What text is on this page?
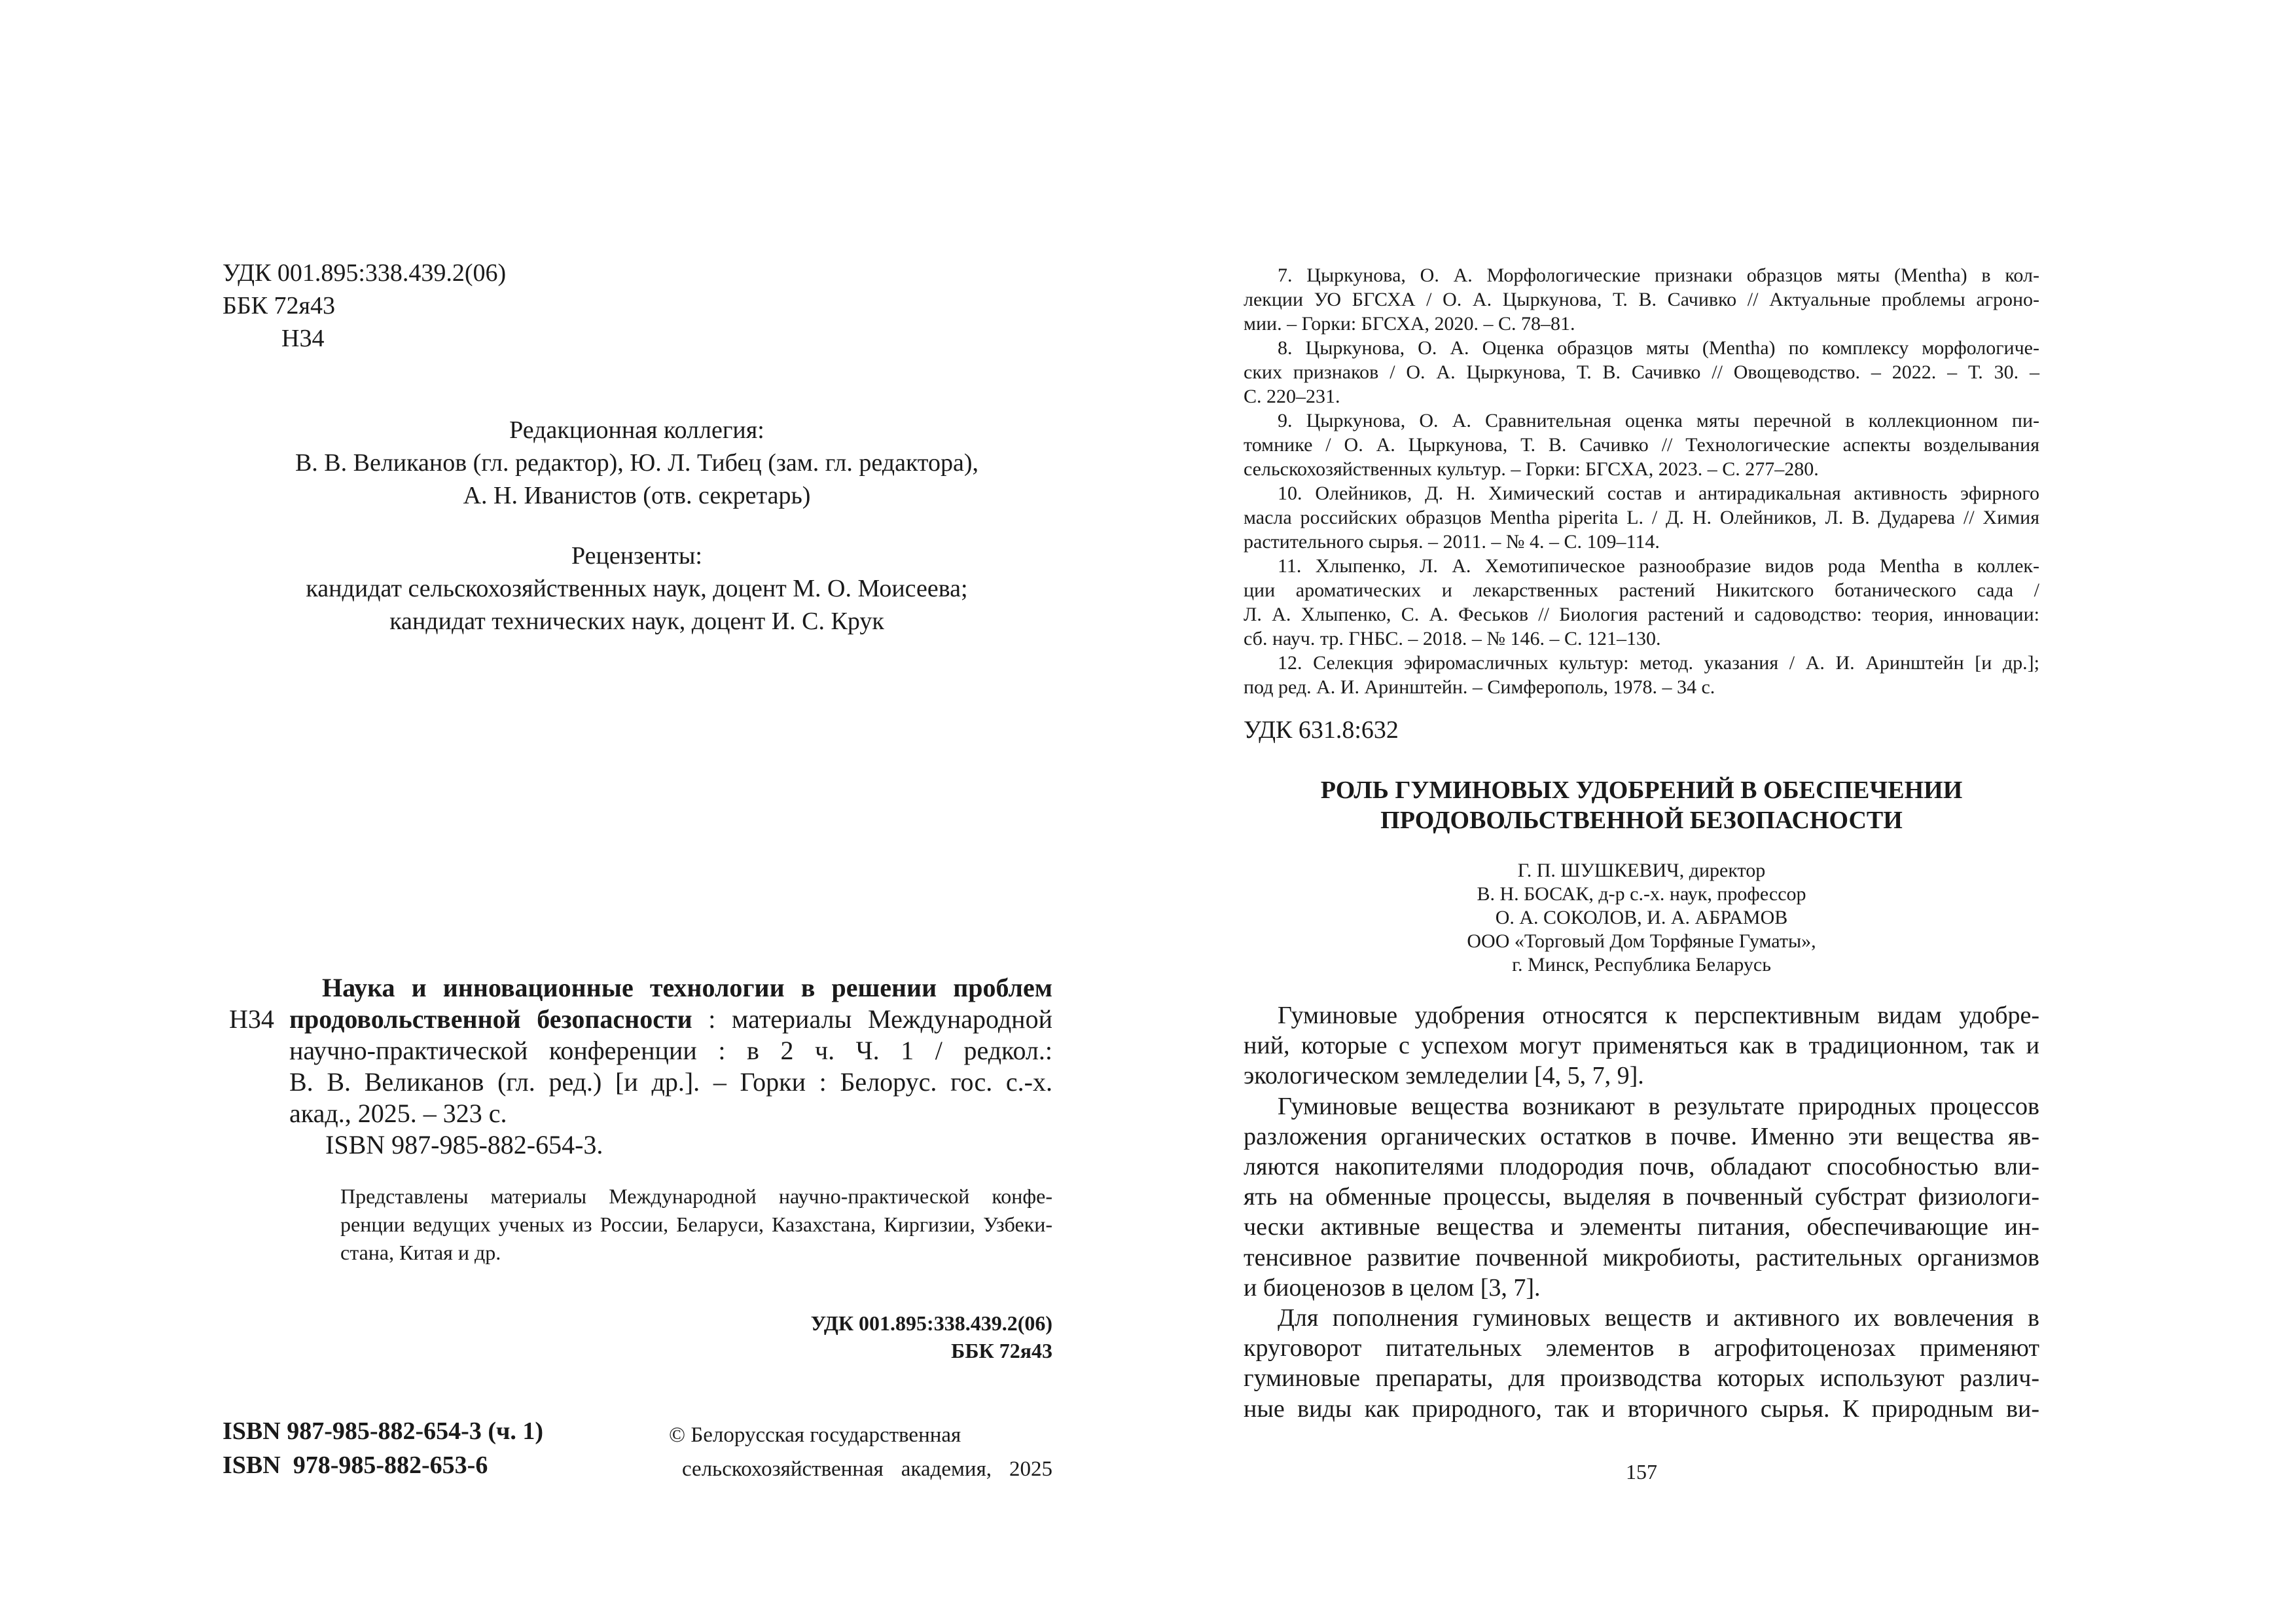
УДК 001.895:338.439.2(06)
ББК 72я43
Н34
Редакционная коллегия:
В. В. Великанов (гл. редактор), Ю. Л. Тибец (зам. гл. редактора),
А. Н. Иванистов (отв. секретарь)
Рецензенты:
кандидат сельскохозяйственных наук, доцент М. О. Моисеева;
кандидат технических наук, доцент И. С. Крук
Н34
Наука и инновационные технологии в решении проблем
продовольственной безопасности : материалы Международной
научно-практической конференции : в 2 ч. Ч. 1 / редкол.:
В. В. Великанов (гл. ред.) [и др.]. – Горки : Белорус. гос. с.-х.
акад., 2025. – 323 с.
ISBN 987-985-882-654-3.
Представлены материалы Международной научно-практической конфе-
ренции ведущих ученых из России, Беларуси, Казахстана, Киргизии, Узбеки-
стана, Китая и др.
УДК 001.895:338.439.2(06)
ББК 72я43
ISBN 987-985-882-654-3 (ч. 1)
ISBN  978-985-882-653-6
© Белорусская государственная
сельскохозяйственная академия, 2025
7. Цыркунова, О. А. Морфологические признаки образцов мяты (Mentha) в кол-
лекции УО БГСХА / О. А. Цыркунова, Т. В. Сачивко // Актуальные проблемы агроно-
мии. – Горки: БГСХА, 2020. – С. 78–81.
8. Цыркунова, О. А. Оценка образцов мяты (Mentha) по комплексу морфологиче-
ских признаков / О. А. Цыркунова, Т. В. Сачивко // Овощеводство. – 2022. – Т. 30. –
С. 220–231.
9. Цыркунова, О. А. Сравнительная оценка мяты перечной в коллекционном пи-
томнике / О. А. Цыркунова, Т. В. Сачивко // Технологические аспекты возделывания
сельскохозяйственных культур. – Горки: БГСХА, 2023. – С. 277–280.
10. Олейников, Д. Н. Химический состав и антирадикальная активность эфирного
масла российских образцов Mentha piperita L. / Д. Н. Олейников, Л. В. Дударева // Химия
растительного сырья. – 2011. – № 4. – С. 109–114.
11. Хлыпенко, Л. А. Хемотипическое разнообразие видов рода Mentha в коллек-
ции ароматических и лекарственных растений Никитского ботанического сада /
Л. А. Хлыпенко, С. А. Феськов // Биология растений и садоводство: теория, инновации:
сб. науч. тр. ГНБС. – 2018. – № 146. – С. 121–130.
12. Селекция эфиромасличных культур: метод. указания / А. И. Аринштейн [и др.];
под ред. А. И. Аринштейн. – Симферополь, 1978. – 34 с.
УДК 631.8:632
РОЛЬ ГУМИНОВЫХ УДОБРЕНИЙ В ОБЕСПЕЧЕНИИ
ПРОДОВОЛЬСТВЕННОЙ БЕЗОПАСНОСТИ
Г. П. ШУШКЕВИЧ, директор
В. Н. БОСАК, д-р с.-х. наук, профессор
О. А. СОКОЛОВ, И. А. АБРАМОВ
ООО «Торговый Дом Торфяные Гуматы»,
г. Минск, Республика Беларусь
Гуминовые удобрения относятся к перспективным видам удобре-
ний, которые с успехом могут применяться как в традиционном, так и
экологическом земледелии [4, 5, 7, 9].
Гуминовые вещества возникают в результате природных процессов
разложения органических остатков в почве. Именно эти вещества яв-
ляются накопителями плодородия почв, обладают способностью вли-
ять на обменные процессы, выделяя в почвенный субстрат физиологи-
чески активные вещества и элементы питания, обеспечивающие ин-
тенсивное развитие почвенной микробиоты, растительных организмов
и биоценозов в целом [3, 7].
Для пополнения гуминовых веществ и активного их вовлечения в
круговорот питательных элементов в агрофитоценозах применяют
гуминовые препараты, для производства которых используют различ-
ные виды как природного, так и вторичного сырья. К природным ви-
157
